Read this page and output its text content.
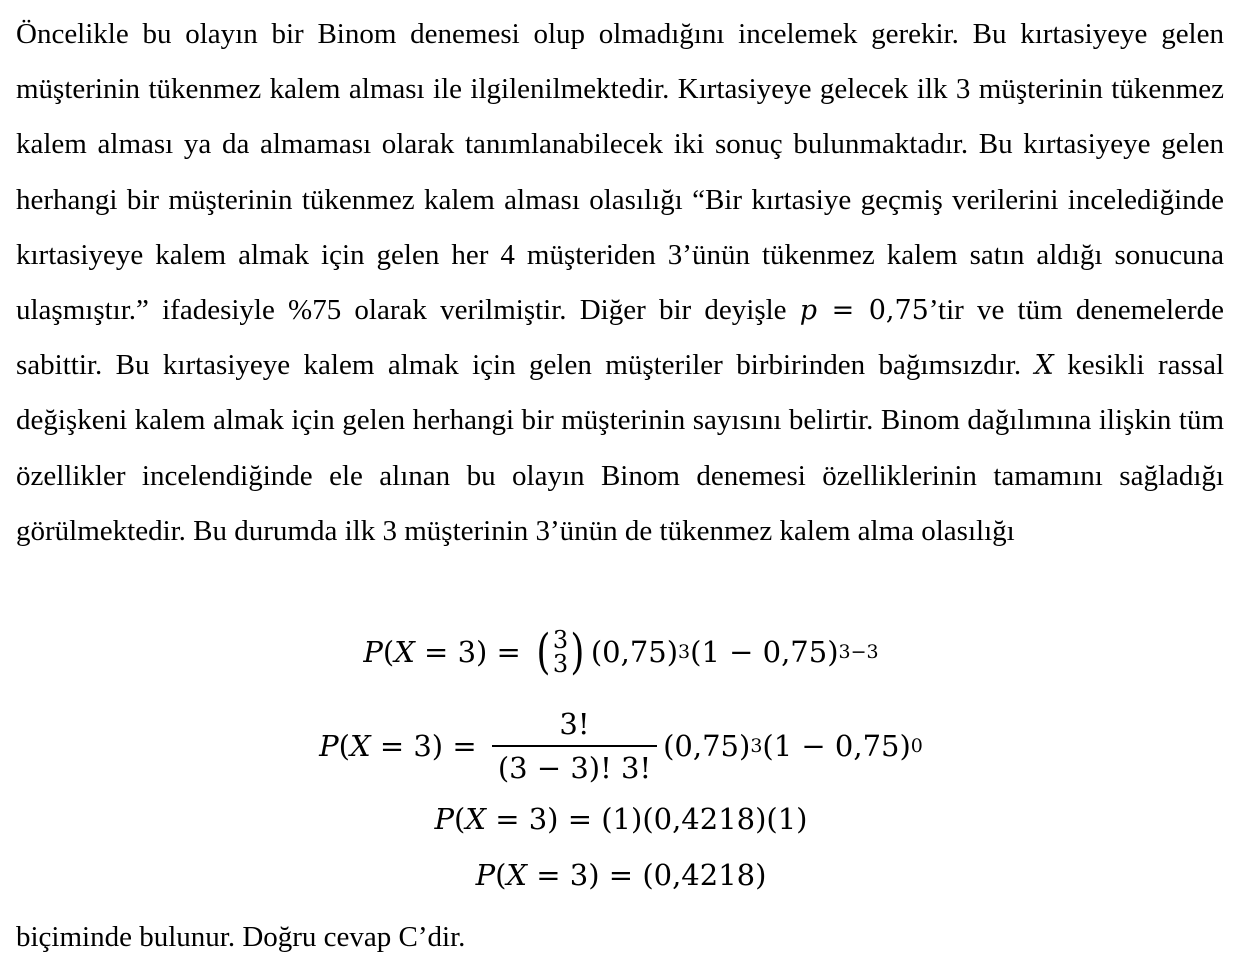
Öncelikle bu olayın bir Binom denemesi olup olmadığını incelemek gerekir. Bu kırtasiyeye gelen müşterinin tükenmez kalem alması ile ilgilenilmektedir. Kırtasiyeye gelecek ilk 3 müşterinin tükenmez kalem alması ya da almaması olarak tanımlanabilecek iki sonuç bulunmaktadır. Bu kırtasiyeye gelen herhangi bir müşterinin tükenmez kalem alması olasılığı “Bir kırtasiye geçmiş verilerini incelediğinde kırtasiyeye kalem almak için gelen her 4 müşteriden 3’ünün tükenmez kalem satın aldığı sonucuna ulaşmıştır.” ifadesiyle %75 olarak verilmiştir. Diğer bir deyişle p = 0,75’tir ve tüm denemelerde sabittir. Bu kırtasiyeye kalem almak için gelen müşteriler birbirinden bağımsızdır. X kesikli rassal değişkeni kalem almak için gelen herhangi bir müşterinin sayısını belirtir. Binom dağılımına ilişkin tüm özellikler incelendiğinde ele alınan bu olayın Binom denemesi özelliklerinin tamamını sağladığı görülmektedir. Bu durumda ilk 3 müşterinin 3’ünün de tükenmez kalem alma olasılığı

P ( X = 3) = ( 3
3 ) (0,75) 3 (1 − 0,75) 3−3
P ( $X = 3) = \frac{3!}{(3 - 3)! 3!} (0,75)$ 3 (1 − 0,75) 0
P ( X = 3) = (1)(0,4218)(1)
P ( X = 3) = (0,4218)
biçiminde bulunur. Doğru cevap C’dir.
